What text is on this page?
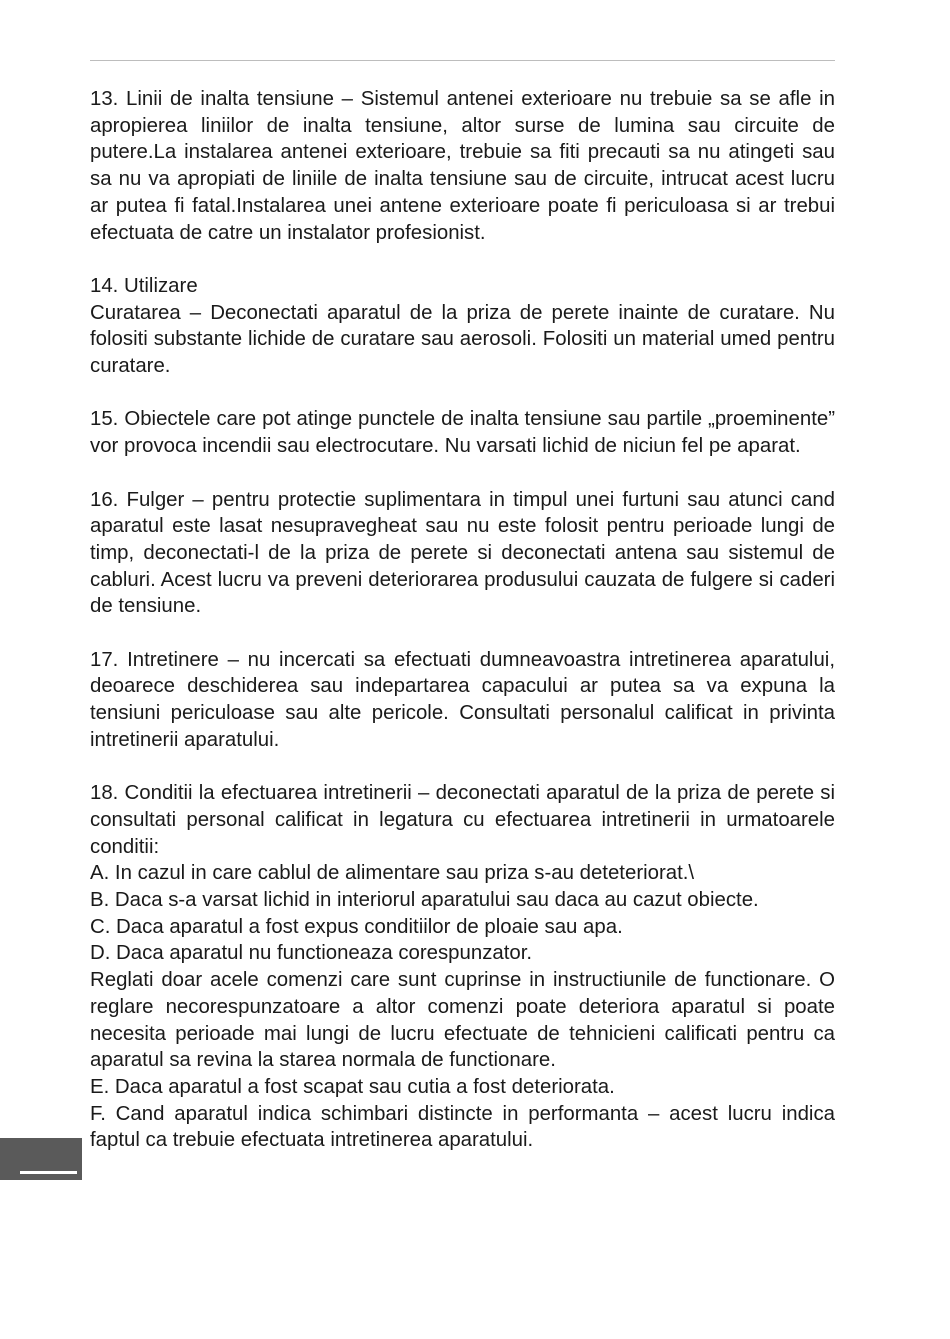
13. Linii de inalta tensiune – Sistemul antenei exterioare nu trebuie sa se afle in apropierea liniilor de inalta tensiune, altor surse de lumina sau circuite de putere.La instalarea antenei exterioare, trebuie sa fiti precauti sa nu atingeti sau sa nu va apropiati de liniile de inalta tensiune sau de circuite, intrucat acest lucru ar putea fi fatal.Instalarea unei antene exterioare poate fi periculoasa si ar trebui efectuata de catre un instalator profesionist.

14. Utilizare
Curatarea – Deconectati aparatul de la priza de perete inainte de curatare. Nu folositi substante lichide de curatare sau aerosoli. Folositi un material umed pentru curatare.

15. Obiectele care pot atinge punctele de inalta tensiune sau partile „proeminente” vor provoca incendii sau electrocutare. Nu varsati lichid de niciun fel pe aparat.

16. Fulger – pentru protectie suplimentara in timpul unei furtuni sau atunci cand aparatul este lasat nesupravegheat sau nu este folosit pentru perioade lungi de timp, deconectati-l de la priza de perete si deconectati antena sau sistemul de cabluri. Acest lucru va preveni deteriorarea produsului cauzata de fulgere si caderi de tensiune.

17. Intretinere – nu incercati sa efectuati dumneavoastra intretinerea aparatului, deoarece deschiderea sau indepartarea capacului ar putea sa va expuna la tensiuni periculoase sau alte pericole. Consultati personalul calificat in privinta intretinerii aparatului.

18. Conditii la efectuarea intretinerii – deconectati aparatul de la priza de perete si consultati personal calificat in legatura cu efectuarea intretinerii in urmatoarele conditii:
A. In cazul in care cablul de alimentare sau priza s-au deteteriorat.\
B. Daca s-a varsat lichid in interiorul aparatului sau daca au cazut obiecte.
C. Daca aparatul a fost expus conditiilor de ploaie sau apa.
D. Daca aparatul nu functioneaza corespunzator.
Reglati doar acele comenzi care sunt cuprinse in instructiunile de functionare. O reglare necorespunzatoare a altor comenzi poate deteriora aparatul si poate necesita perioade mai lungi de lucru efectuate de tehnicieni calificati pentru ca aparatul sa revina la starea normala de functionare.
E. Daca aparatul a fost scapat sau cutia a fost deteriorata.
F. Cand aparatul indica schimbari distincte in performanta – acest lucru indica faptul ca trebuie efectuata intretinerea aparatului.
